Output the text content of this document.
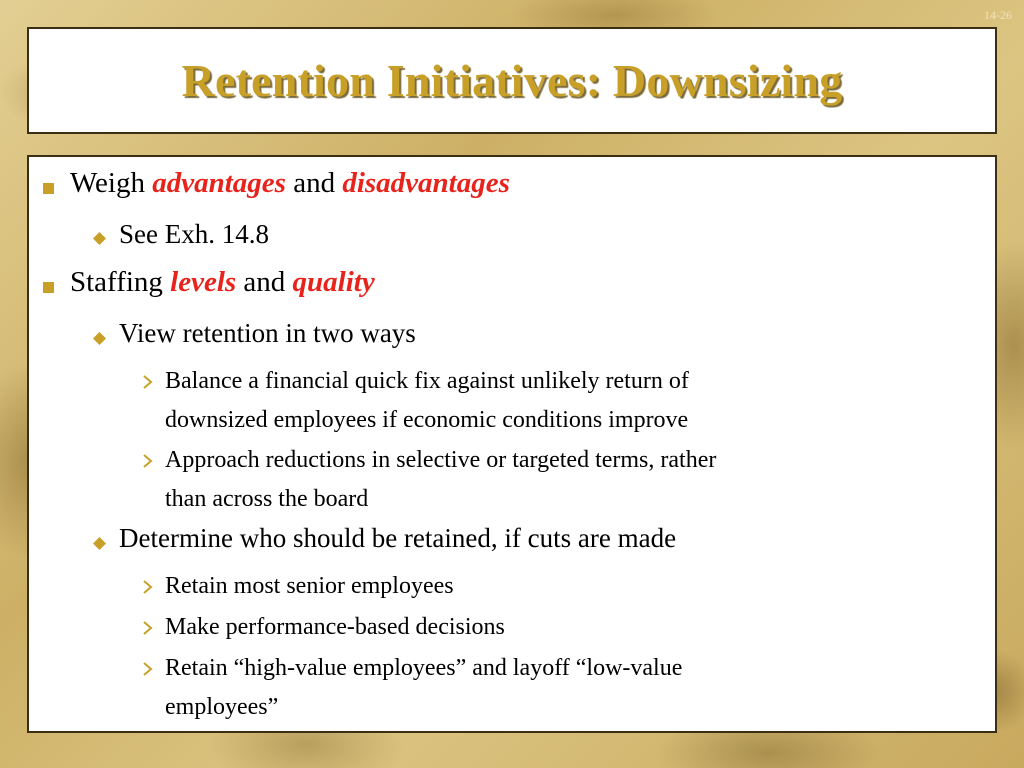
14-26
Retention Initiatives: Downsizing
Weigh advantages and disadvantages
See Exh. 14.8
Staffing levels and quality
View retention in two ways
Balance a financial quick fix against unlikely return of
downsized employees if economic conditions improve
Approach reductions in selective or targeted terms, rather
than across the board
Determine who should be retained, if cuts are made
Retain most senior employees
Make performance-based decisions
Retain “high-value employees” and layoff “low-value
employees”
